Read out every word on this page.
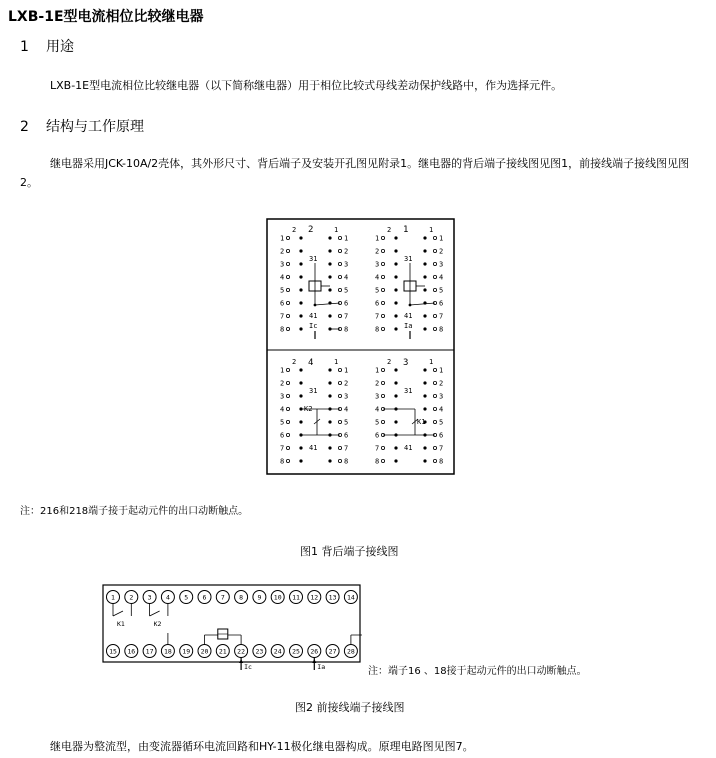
LXB-1E型电流相位比较继电器
1 用途
LXB-1E型电流相位比较继电器（以下简称继电器）用于相位比较式母线差动保护线路中，作为选择元件。
2 结构与工作原理
继电器采用JCK-10A/2壳体，其外形尺寸、背后端子及安装开孔图见附录1。继电器的背后端子接线图见图1，前接线端子接线图见图2。
2	1
1	1
2	2
3	3
4	4
5	5
6	6
7	7
8	8
31
41
Ic
2	1
1	1
2	2
3	3
4	4
5	5
6	6
7	7
8	8
31
41
Ia
2	1
1	1
2	2
3	3
4	4
5	5
6	6
7	7
8	8
31
K2
41
2	1
1	1
2	2
3	3
4	4
5	5
6	6
7	7
8	8
31
K1
41
2	1
4	3
注：216和218端子接于起动元件的出口动断触点。
图1 背后端子接线图
1 2 3 4 5 6 7 8 9 10 11 12 13 14
15 16 17 18 19 20 21 22 23 24 25 26 27 28
K1	K2
Ic	Ia	注：端子16 、18接于起动元件的出口动断触点。
图2 前接线端子接线图
继电器为整流型，由变流器循环电流回路和HY-11极化继电器构成。原理电路图见图7。
